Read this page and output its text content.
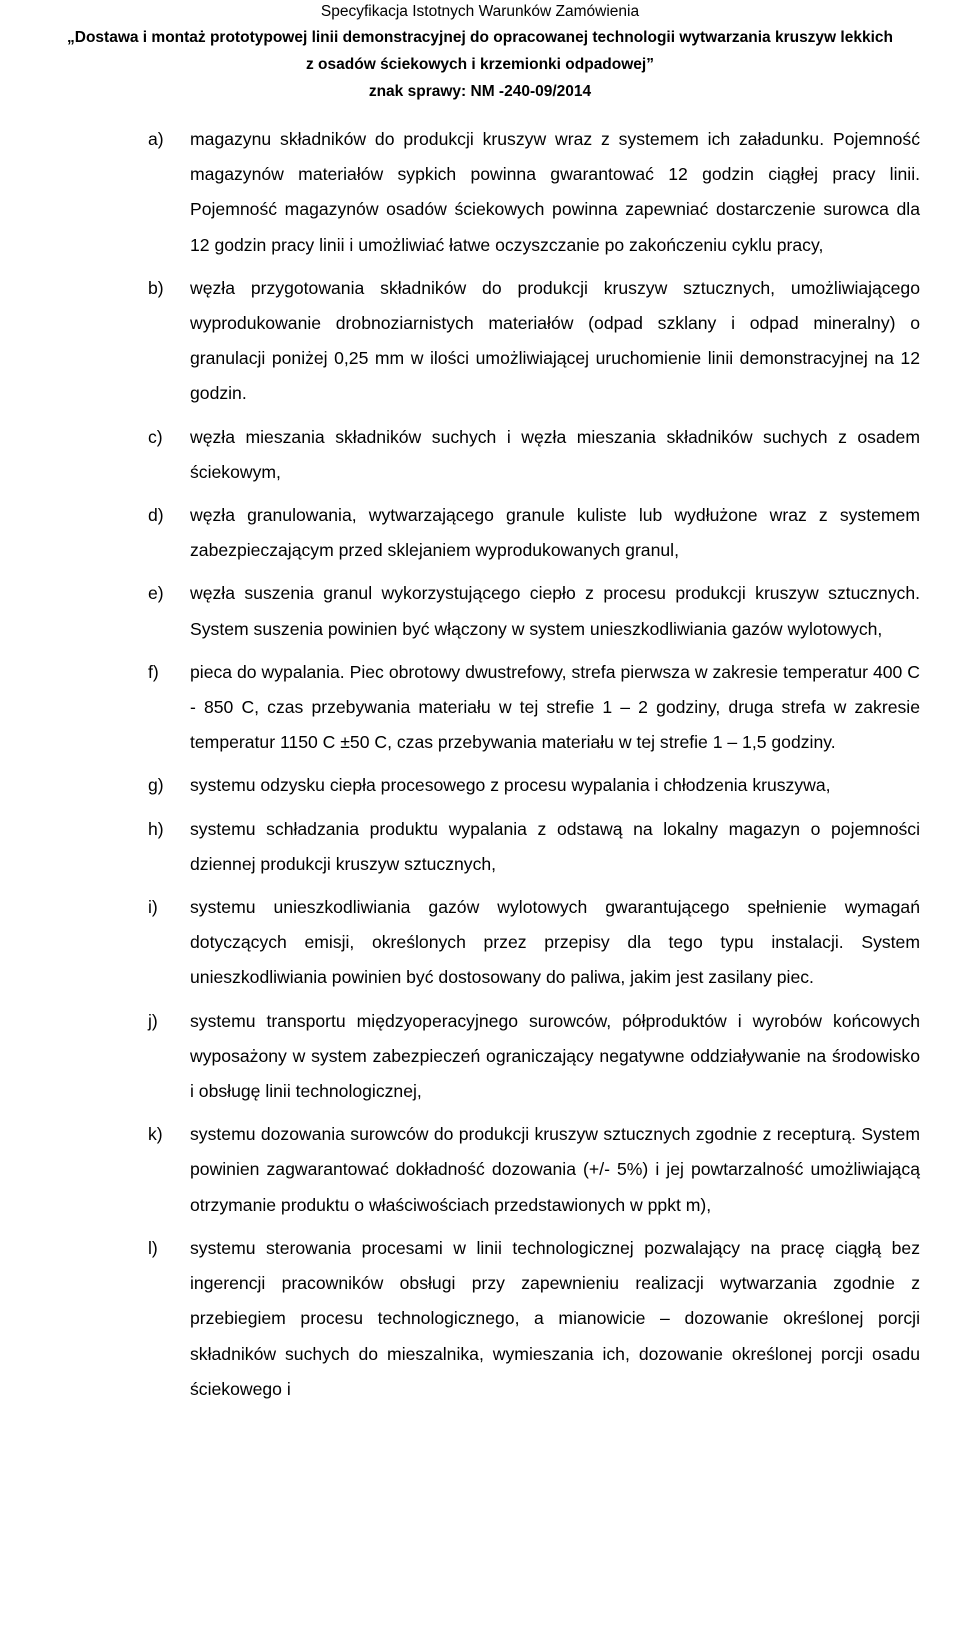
Specyfikacja Istotnych Warunków Zamówienia
„Dostawa i montaż prototypowej linii demonstracyjnej do opracowanej technologii wytwarzania kruszyw lekkich
z osadów ściekowych i krzemionki odpadowej”
znak sprawy: NM -240-09/2014
a)	magazynu składników do produkcji kruszyw wraz z systemem ich załadunku. Pojemność magazynów materiałów sypkich powinna gwarantować 12 godzin ciągłej pracy linii. Pojemność magazynów osadów ściekowych powinna zapewniać dostarczenie surowca dla 12 godzin pracy linii i umożliwiać łatwe oczyszczanie po zakończeniu cyklu pracy,
b)	węzła przygotowania składników do produkcji kruszyw sztucznych, umożliwiającego wyprodukowanie drobnoziarnistych materiałów (odpad szklany i odpad mineralny) o granulacji poniżej 0,25 mm w ilości umożliwiającej uruchomienie linii demonstracyjnej na 12 godzin.
c)	węzła mieszania składników suchych i węzła mieszania składników suchych z osadem ściekowym,
d)	węzła granulowania, wytwarzającego granule kuliste lub wydłużone wraz z systemem zabezpieczającym przed sklejaniem wyprodukowanych granul,
e)	węzła suszenia granul wykorzystującego ciepło z procesu produkcji kruszyw sztucznych. System suszenia powinien być włączony w system unieszkodliwiania gazów wylotowych,
f)	pieca do wypalania. Piec obrotowy dwustrefowy, strefa pierwsza w zakresie temperatur 400 C - 850 C, czas przebywania materiału w tej strefie 1 – 2 godziny, druga strefa w zakresie temperatur 1150 C ±50 C, czas przebywania materiału w tej strefie 1 – 1,5 godziny.
g)	systemu odzysku ciepła procesowego z procesu wypalania i chłodzenia kruszywa,
h)	systemu schładzania produktu wypalania z odstawą na lokalny magazyn o pojemności dziennej produkcji kruszyw sztucznych,
i)	systemu unieszkodliwiania gazów wylotowych gwarantującego spełnienie wymagań dotyczących emisji, określonych przez przepisy dla tego typu instalacji. System unieszkodliwiania powinien być dostosowany do paliwa, jakim jest zasilany piec.
j)	systemu transportu międzyoperacyjnego surowców, półproduktów i wyrobów końcowych wyposażony w system zabezpieczeń ograniczający negatywne oddziaływanie na środowisko i obsługę linii technologicznej,
k)	systemu dozowania surowców do produkcji kruszyw sztucznych zgodnie z recepturą. System powinien zagwarantować dokładność dozowania (+/- 5%) i jej powtarzalność umożliwiającą otrzymanie produktu o właściwościach przedstawionych w ppkt m),
l)	systemu sterowania procesami w linii technologicznej pozwalający na pracę ciągłą bez ingerencji pracowników obsługi przy zapewnieniu realizacji wytwarzania zgodnie z przebiegiem procesu technologicznego, a mianowicie – dozowanie określonej porcji składników suchych do mieszalnika, wymieszania ich, dozowanie określonej porcji osadu ściekowego i
